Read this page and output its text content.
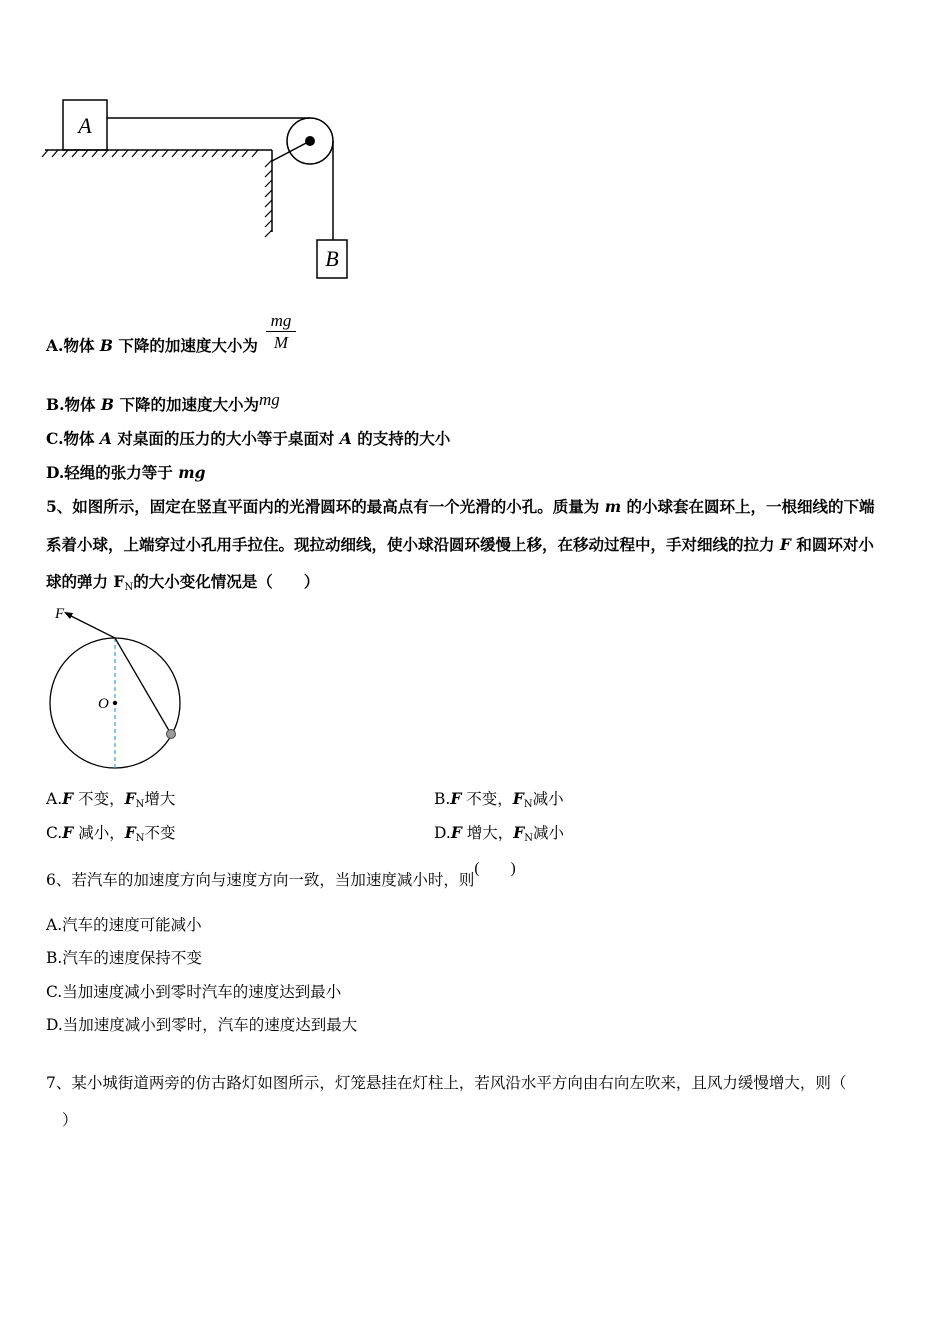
A
B
A.物体 B 下降的加速度大小为 $\frac{mg}{M}$
B.物体 B 下降的加速度大小为mg
C.物体 A 对桌面的压力的大小等于桌面对 A 的支持的大小
D.轻绳的张力等于 mg
5、如图所示，固定在竖直平面内的光滑圆环的最高点有一个光滑的小孔。质量为 m 的小球套在圆环上，一根细线的下端
系着小球，上端穿过小孔用手拉住。现拉动细线，使小球沿圆环缓慢上移，在移动过程中，手对细线的拉力 F 和圆环对小
球的弹力 $F_N$的大小变化情况是（　　）
F
O
A.F 不变，$F_N$增大	B.F 不变，$F_N$减小
C.F 减小，$F_N$不变	D.F 增大，$F_N$减小
6、若汽车的加速度方向与速度方向一致，当加速度减小时，则(　　)
A.汽车的速度可能减小
B.汽车的速度保持不变
C.当加速度减小到零时汽车的速度达到最小
D.当加速度减小到零时，汽车的速度达到最大
7、某小城街道两旁的仿古路灯如图所示，灯笼悬挂在灯柱上，若风沿水平方向由右向左吹来，且风力缓慢增大，则（
）
